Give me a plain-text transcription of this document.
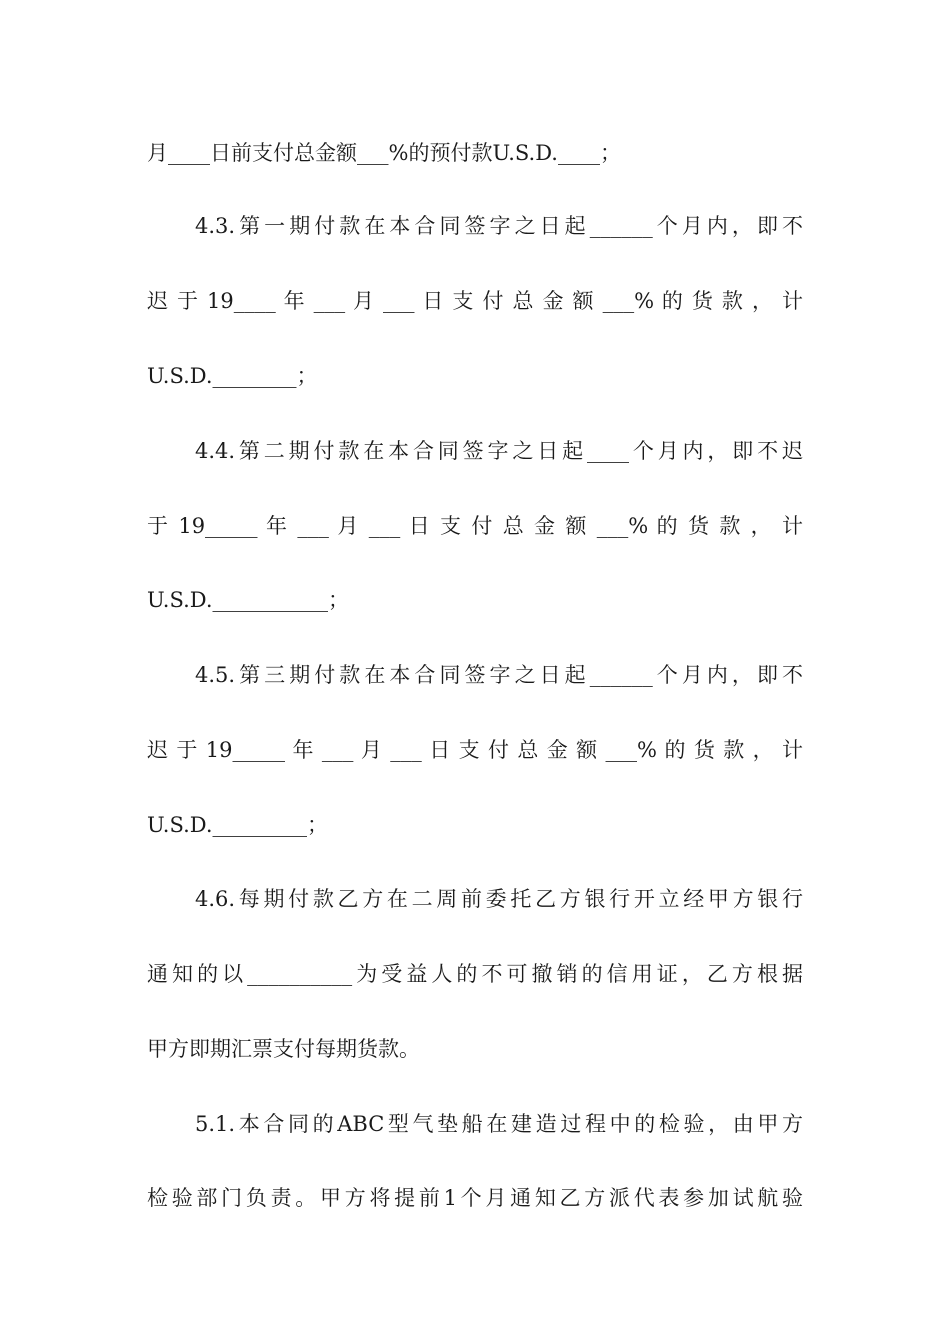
月____日前支付总金额___%的预付款U.S.D.____；
4.3.第一期付款在本合同签字之日起______个月内，即不
迟 于 19____ 年 ___ 月 ___ 日 支 付 总 金 额 ___% 的 货 款 ， 计
U.S.D.________；
4.4.第二期付款在本合同签字之日起____个月内，即不迟
于 19_____ 年 ___ 月 ___ 日 支 付 总 金 额 ___% 的 货 款 ， 计
U.S.D.___________；
4.5.第三期付款在本合同签字之日起______个月内，即不
迟 于 19_____ 年 ___ 月 ___ 日 支 付 总 金 额 ___% 的 货 款 ， 计
U.S.D._________；
4.6.每期付款乙方在二周前委托乙方银行开立经甲方银行
通知的以__________为受益人的不可撤销的信用证，乙方根据
甲方即期汇票支付每期货款。
5.1.本合同的ABC型气垫船在建造过程中的检验，由甲方
检验部门负责。甲方将提前1个月通知乙方派代表参加试航验
